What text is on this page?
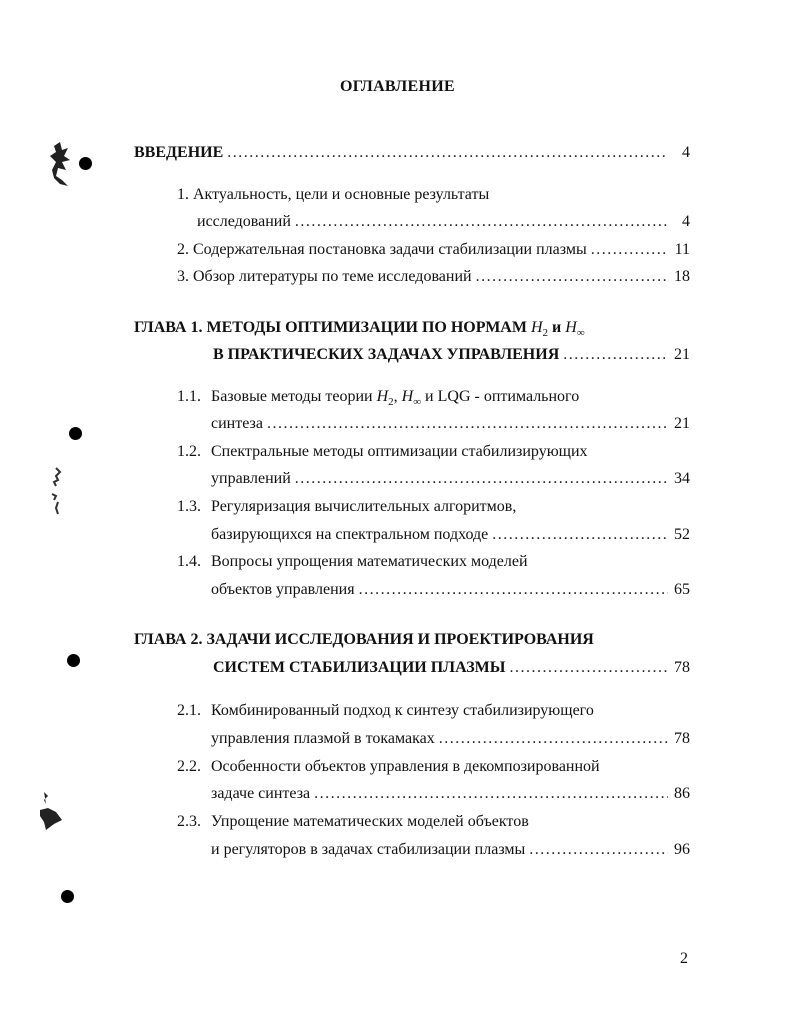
ОГЛАВЛЕНИЕ
ВВЕДЕНИЕ .....	4
1. Актуальность, цели и основные результаты
исследований .....	4
2. Содержательная постановка задачи стабилизации плазмы .....	11
3. Обзор литературы по теме исследований .....	18
ГЛАВА 1. МЕТОДЫ ОПТИМИЗАЦИИ ПО НОРМАМ $H_2$ и $H_\infty$
В ПРАКТИЧЕСКИХ ЗАДАЧАХ УПРАВЛЕНИЯ .....	21
1.1. Базовые методы теории $H_2$, $H_\infty$ и LQG - оптимального
синтеза .....	21
1.2. Спектральные методы оптимизации стабилизирующих
управлений .....	34
1.3. Регуляризация вычислительных алгоритмов,
базирующихся на спектральном подходе .....	52
1.4. Вопросы упрощения математических моделей
объектов управления .....	65
ГЛАВА 2. ЗАДАЧИ ИССЛЕДОВАНИЯ И ПРОЕКТИРОВАНИЯ
СИСТЕМ СТАБИЛИЗАЦИИ ПЛАЗМЫ .....	78
2.1. Комбинированный подход к синтезу стабилизирующего
управления плазмой в токамаках .....	78
2.2. Особенности объектов управления в декомпозированной
задаче синтеза .....	86
2.3. Упрощение математических моделей объектов
и регуляторов в задачах стабилизации плазмы .....	96
2
